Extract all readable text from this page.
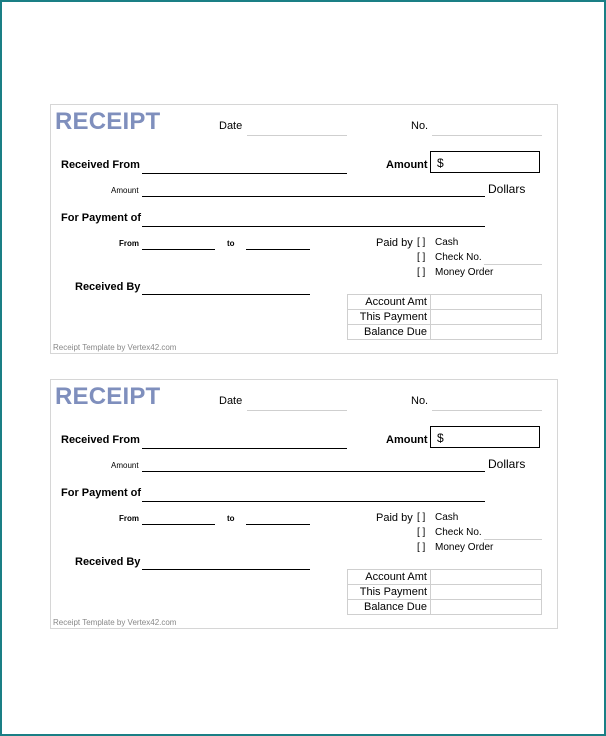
RECEIPT	Date	No.
Received From	Amount $
Amount	Dollars
For Payment of
From	to	Paid by [ ] Cash
[ ] Check No.
[ ] Money Order
Received By
Account Amt	
This Payment	
Balance Due	
Receipt Template by Vertex42.com
RECEIPT	Date	No.
Received From	Amount $
Amount	Dollars
For Payment of
From	to	Paid by [ ] Cash
[ ] Check No.
[ ] Money Order
Received By
Account Amt	
This Payment	
Balance Due	
Receipt Template by Vertex42.com
